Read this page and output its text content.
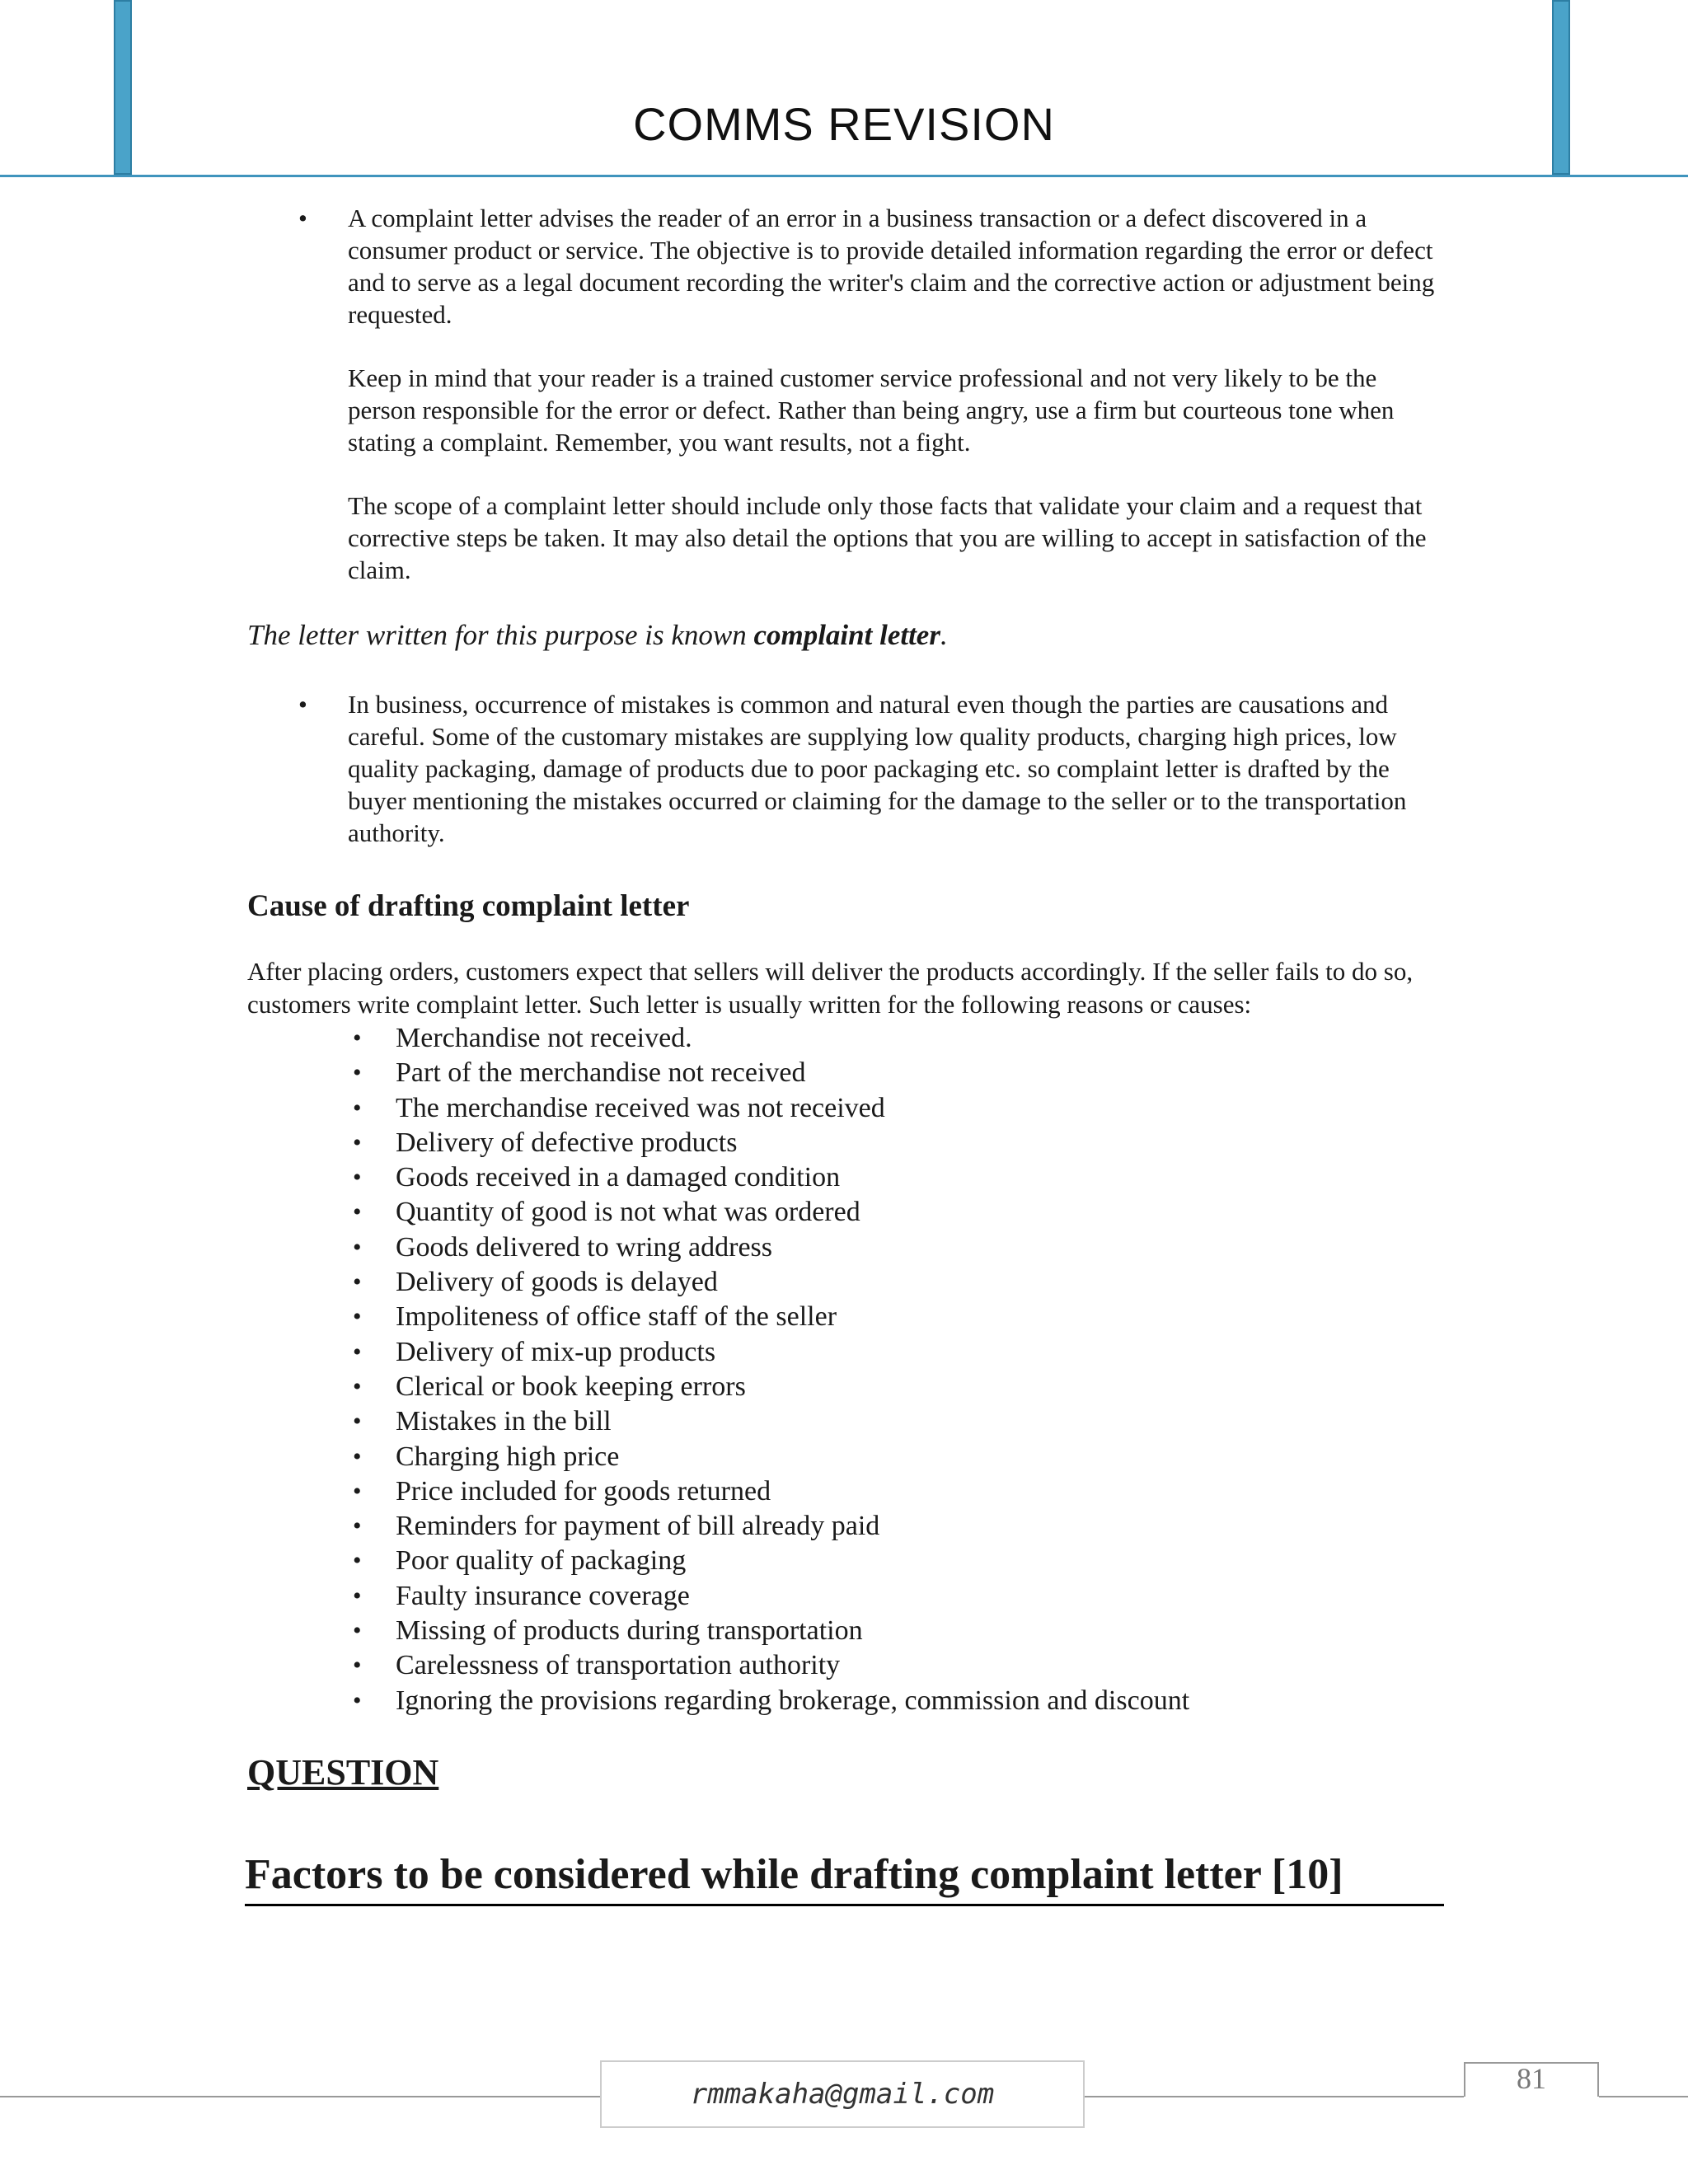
COMMS REVISION
• A complaint letter advises the reader of an error in a business transaction or a defect discovered in a consumer product or service. The objective is to provide detailed information regarding the error or defect and to serve as a legal document recording the writer's claim and the corrective action or adjustment being requested.

Keep in mind that your reader is a trained customer service professional and not very likely to be the person responsible for the error or defect. Rather than being angry, use a firm but courteous tone when stating a complaint. Remember, you want results, not a fight.

The scope of a complaint letter should include only those facts that validate your claim and a request that corrective steps be taken. It may also detail the options that you are willing to accept in satisfaction of the claim.

The letter written for this purpose is known complaint letter.
• In business, occurrence of mistakes is common and natural even though the parties are causations and careful. Some of the customary mistakes are supplying low quality products, charging high prices, low quality packaging, damage of products due to poor packaging etc. so complaint letter is drafted by the buyer mentioning the mistakes occurred or claiming for the damage to the seller or to the transportation authority.

Cause of drafting complaint letter

After placing orders, customers expect that sellers will deliver the products accordingly. If the seller fails to do so, customers write complaint letter. Such letter is usually written for the following reasons or causes:

• Merchandise not received.
• Part of the merchandise not received
• The merchandise received was not received
• Delivery of defective products
• Goods received in a damaged condition
• Quantity of good is not what was ordered
• Goods delivered to wring address
• Delivery of goods is delayed
• Impoliteness of office staff of the seller
• Delivery of mix-up products
• Clerical or book keeping errors
• Mistakes in the bill
• Charging high price
• Price included for goods returned
• Reminders for payment of bill already paid
• Poor quality of packaging
• Faulty insurance coverage
• Missing of products during transportation
• Carelessness of transportation authority
• Ignoring the provisions regarding brokerage, commission and discount
QUESTION
Factors to be considered while drafting complaint letter [10]
rmmakaha@gmail.com	81
